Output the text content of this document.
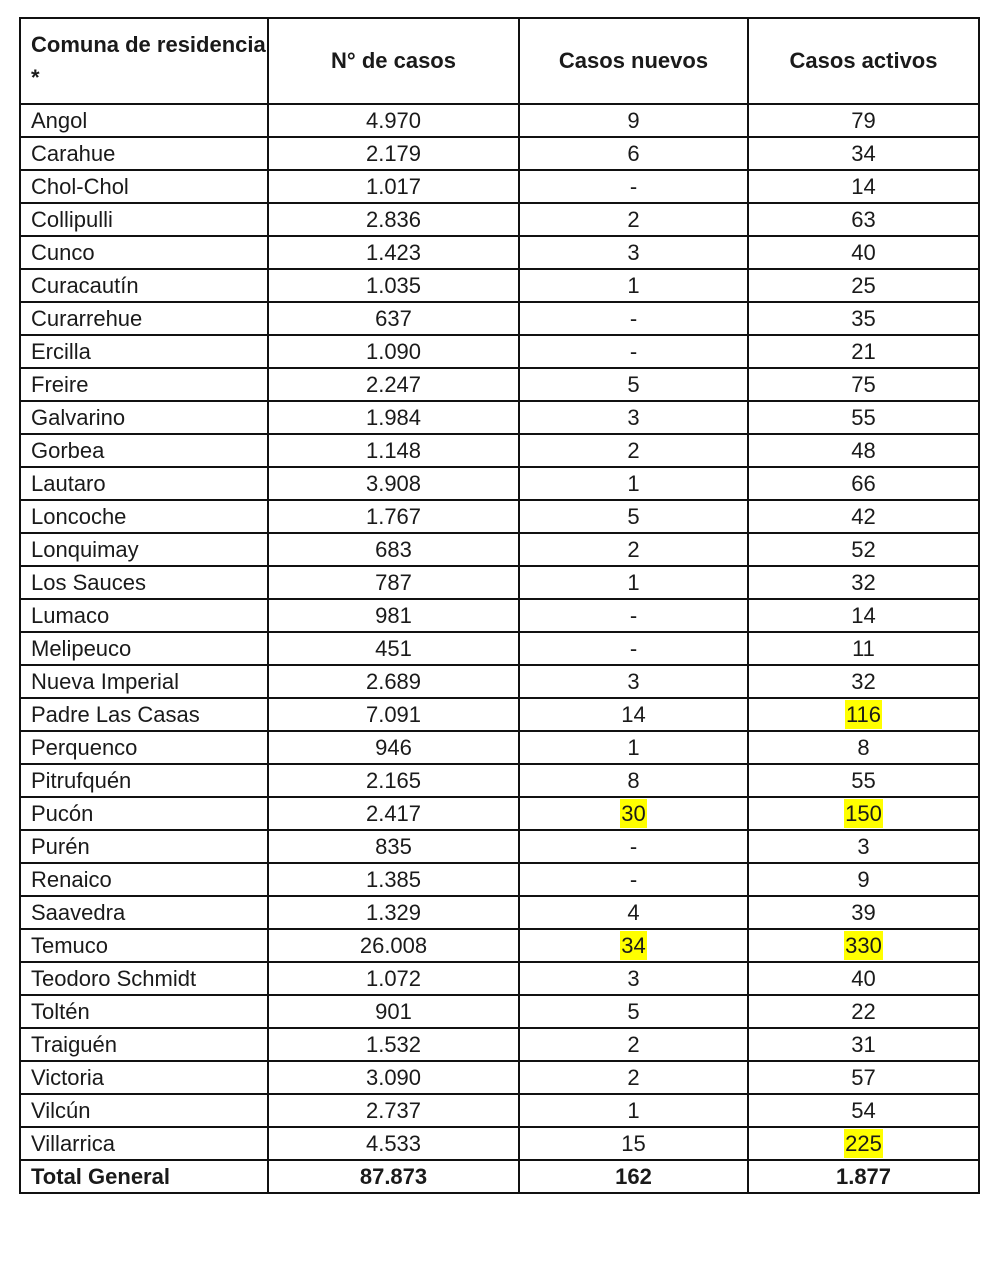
Comuna de residencia *	N° de casos	Casos nuevos	Casos activos
Angol	4.970	9	79
Carahue	2.179	6	34
Chol-Chol	1.017	-	14
Collipulli	2.836	2	63
Cunco	1.423	3	40
Curacautín	1.035	1	25
Curarrehue	637	-	35
Ercilla	1.090	-	21
Freire	2.247	5	75
Galvarino	1.984	3	55
Gorbea	1.148	2	48
Lautaro	3.908	1	66
Loncoche	1.767	5	42
Lonquimay	683	2	52
Los Sauces	787	1	32
Lumaco	981	-	14
Melipeuco	451	-	11
Nueva Imperial	2.689	3	32
Padre Las Casas	7.091	14	116
Perquenco	946	1	8
Pitrufquén	2.165	8	55
Pucón	2.417	30	150
Purén	835	-	3
Renaico	1.385	-	9
Saavedra	1.329	4	39
Temuco	26.008	34	330
Teodoro Schmidt	1.072	3	40
Toltén	901	5	22
Traiguén	1.532	2	31
Victoria	3.090	2	57
Vilcún	2.737	1	54
Villarrica	4.533	15	225
Total General	87.873	162	1.877
